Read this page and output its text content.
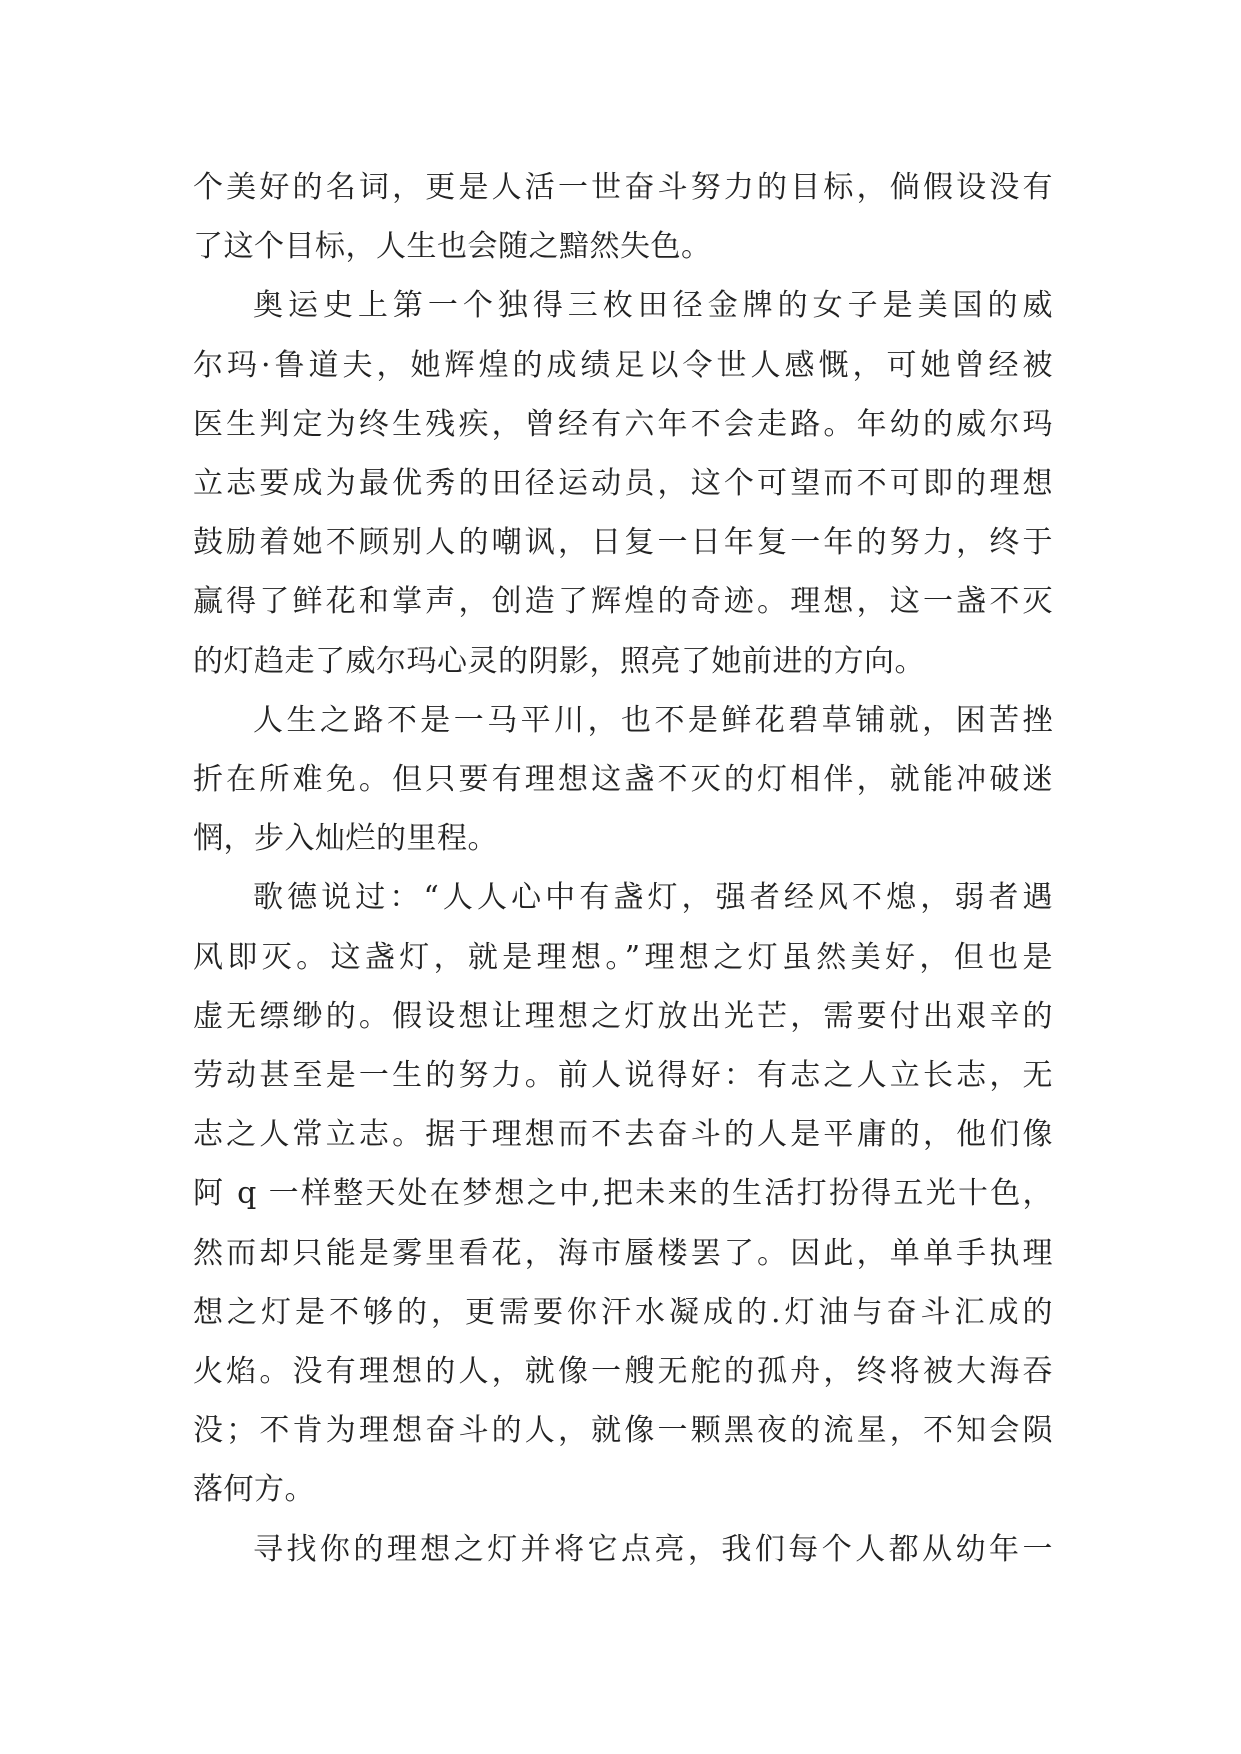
个美好的名词，更是人活一世奋斗努力的目标，倘假设没有
了这个目标，人生也会随之黯然失色。

奥运史上第一个独得三枚田径金牌的女子是美国的威
尔玛·鲁道夫，她辉煌的成绩足以令世人感慨，可她曾经被
医生判定为终生残疾，曾经有六年不会走路。年幼的威尔玛
立志要成为最优秀的田径运动员，这个可望而不可即的理想
鼓励着她不顾别人的嘲讽，日复一日年复一年的努力，终于
赢得了鲜花和掌声，创造了辉煌的奇迹。理想，这一盏不灭
的灯趋走了威尔玛心灵的阴影，照亮了她前进的方向。

人生之路不是一马平川，也不是鲜花碧草铺就，困苦挫
折在所难免。但只要有理想这盏不灭的灯相伴，就能冲破迷
惘，步入灿烂的里程。

歌德说过：“人人心中有盏灯，强者经风不熄，弱者遇
风即灭。这盏灯，就是理想。”理想之灯虽然美好，但也是
虚无缥缈的。假设想让理想之灯放出光芒，需要付出艰辛的
劳动甚至是一生的努力。前人说得好：有志之人立长志，无
志之人常立志。据于理想而不去奋斗的人是平庸的，他们像
阿 q 一样整天处在梦想之中,把未来的生活打扮得五光十色，
然而却只能是雾里看花，海市蜃楼罢了。因此，单单手执理
想之灯是不够的，更需要你汗水凝成的.灯油与奋斗汇成的
火焰。没有理想的人，就像一艘无舵的孤舟，终将被大海吞
没；不肯为理想奋斗的人，就像一颗黑夜的流星，不知会陨
落何方。

寻找你的理想之灯并将它点亮，我们每个人都从幼年一
